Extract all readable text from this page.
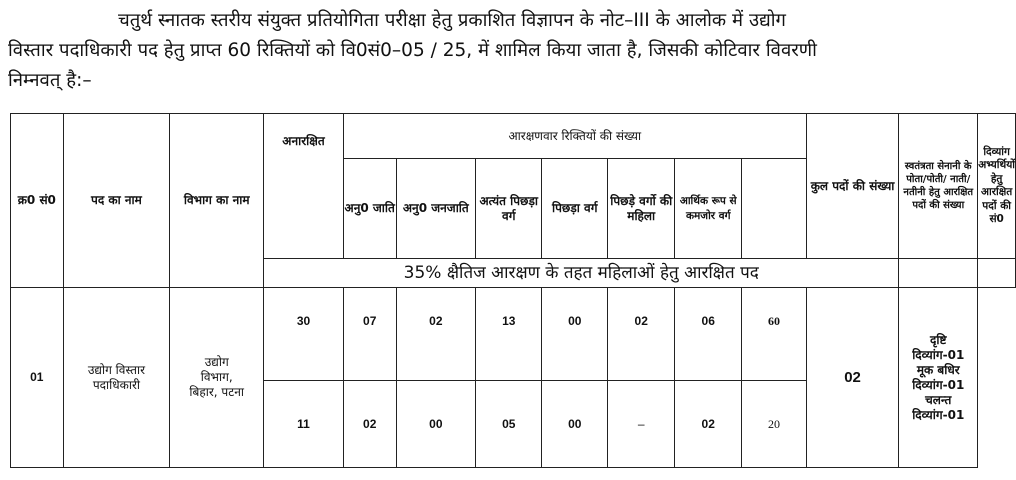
चतुर्थ स्नातक स्तरीय संयुक्त प्रतियोगिता परीक्षा हेतु प्रकाशित विज्ञापन के नोट–III के आलोक में उद्योग

विस्तार पदाधिकारी पद हेतु प्राप्त 60 रिक्तियों को वि0सं0–05 / 25, में शामिल किया जाता है, जिसकी कोटिवार विवरणी

निम्नवत् है:–

क्र0 सं0	पद का नाम	विभाग का नाम	अनारक्षित	आरक्षणवार रिक्तियों की संख्या							कुल पदों की संख्या	स्वतंत्रता सेनानी के पोता/पोती/ नाती/ नतीनी हेतु आरक्षित पदों की संख्या	दिव्यांग अभ्यर्थियों हेतु आरक्षित पदों की सं0
				अनु0 जाति	अनु0 जनजाति	अत्यंत पिछड़ा वर्ग	पिछड़ा वर्ग	पिछड़े वर्गो की महिला	आर्थिक रूप से कमजोर वर्ग				
			35% क्षैतिज आरक्षण के तहत महिलाओं हेतु आरक्षित पद										
01	उद्योग विस्तार पदाधिकारी	उद्योग विभाग, बिहार, पटना	30	07	02	13	00	02	06	60	02	
दृष्टि
दिव्यांग-01
मूक बधिर
दिव्यांग-01
चलन्त
दिव्यांग-01

			11	02	00	05	00	–	02	20			
